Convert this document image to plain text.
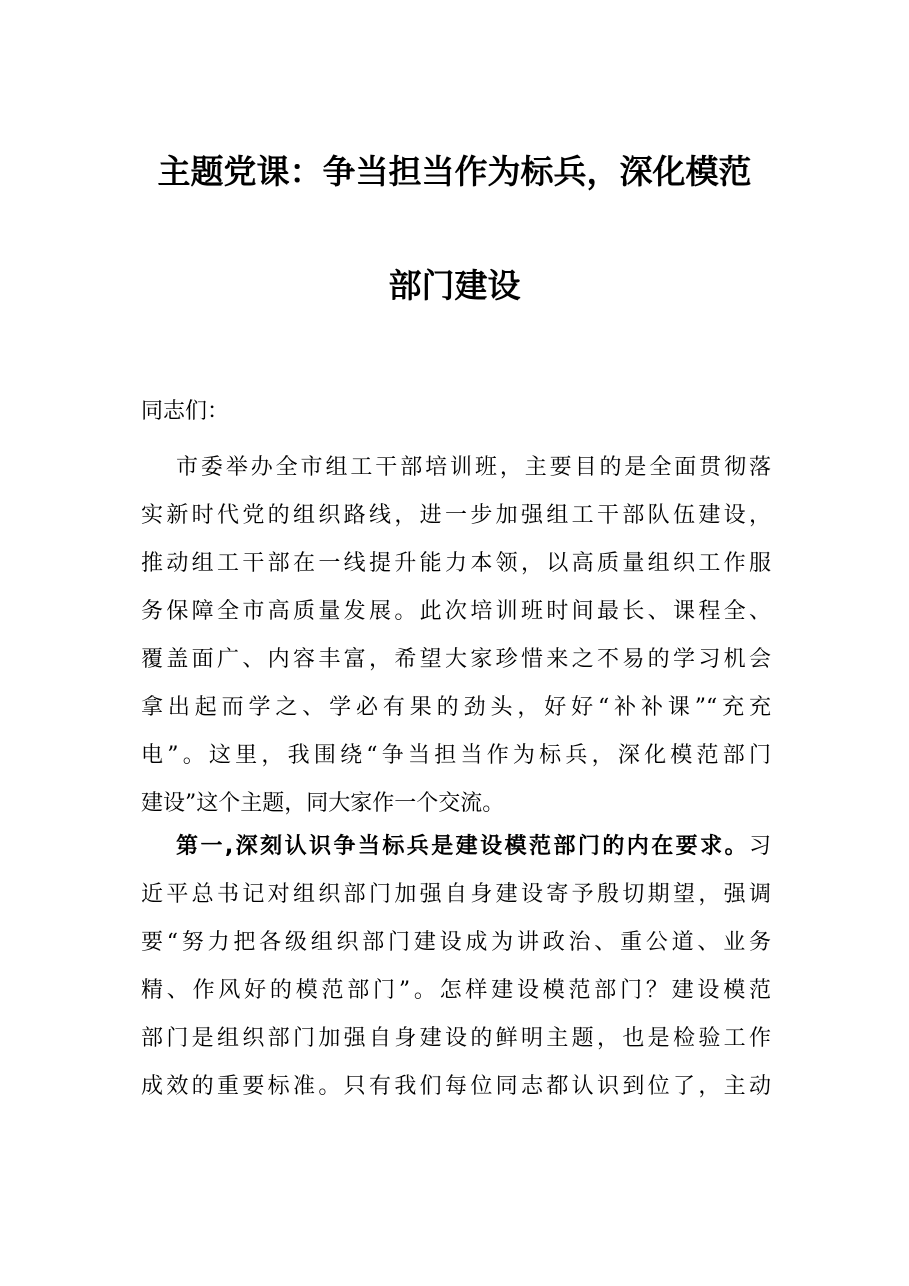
主题党课：争当担当作为标兵，深化模范
部门建设

同志们：

市委举办全市组工干部培训班，主要目的是全面贯彻落
实新时代党的组织路线，进一步加强组工干部队伍建设，
推动组工干部在一线提升能力本领，以高质量组织工作服
务保障全市高质量发展。此次培训班时间最长、课程全、
覆盖面广、内容丰富，希望大家珍惜来之不易的学习机会
拿出起而学之、学必有果的劲头，好好“补补课”“充充
电”。这里，我围绕“争当担当作为标兵，深化模范部门
建设”这个主题，同大家作一个交流。
第一,深刻认识争当标兵是建设模范部门的内在要求。习
近平总书记对组织部门加强自身建设寄予殷切期望，强调
要“努力把各级组织部门建设成为讲政治、重公道、业务
精、作风好的模范部门”。怎样建设模范部门？建设模范
部门是组织部门加强自身建设的鲜明主题，也是检验工作
成效的重要标准。只有我们每位同志都认识到位了，主动
